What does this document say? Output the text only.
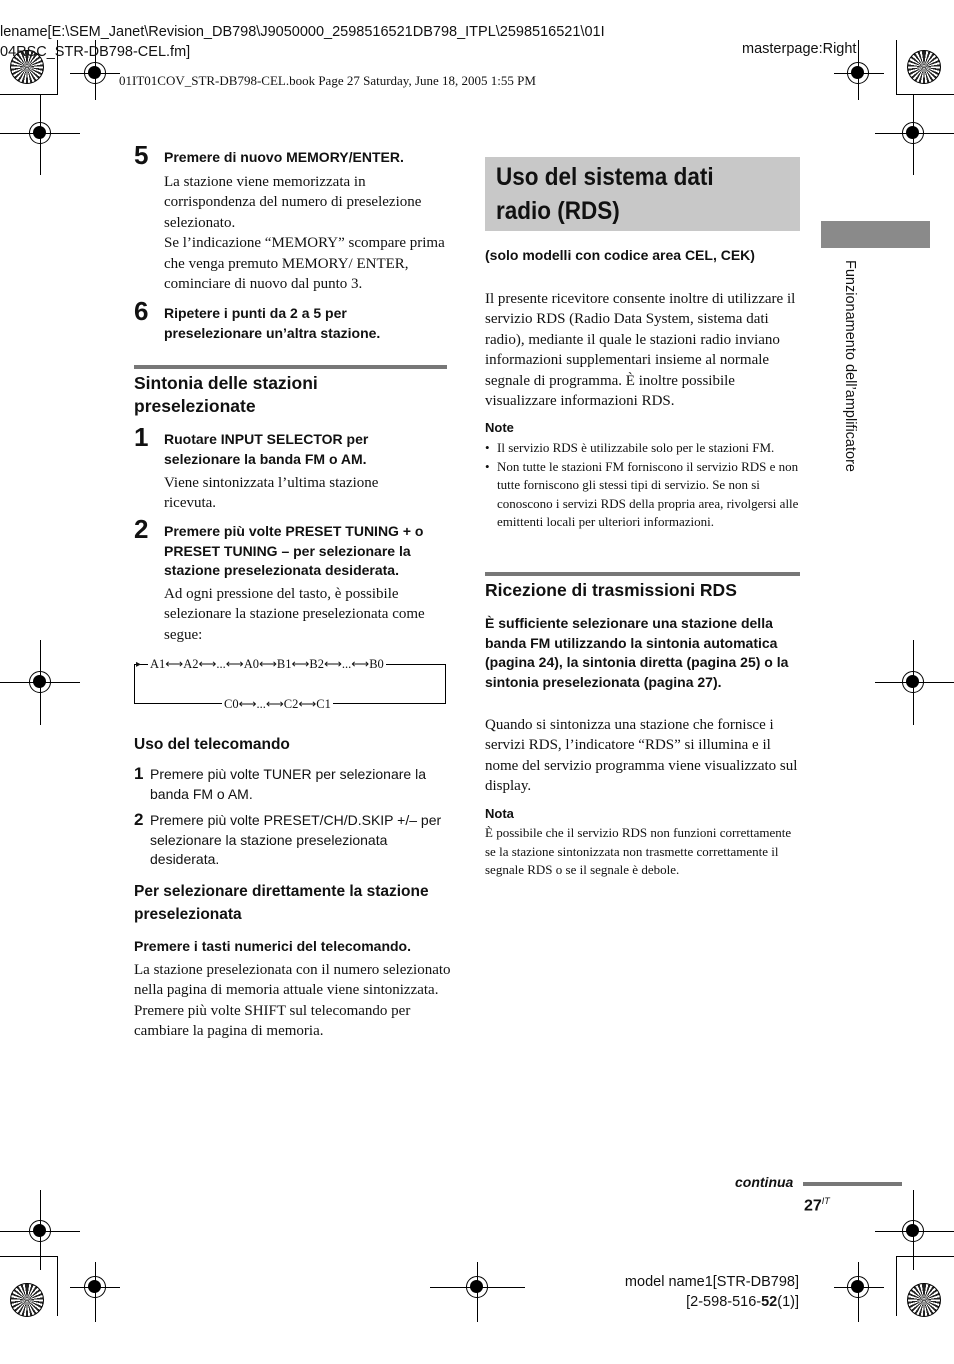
lename[E:\SEM_Janet\Revision_DB798\J9050000_2598516521DB798_ITPL\2598516521\01I
04RSC_STR-DB798-CEL.fm]	masterpage:Right
01IT01COV_STR-DB798-CEL.book Page 27 Saturday, June 18, 2005 1:55 PM
5 Premere di nuovo MEMORY/ENTER.
La stazione viene memorizzata in corrispondenza del numero di preselezione selezionato.
Se l’indicazione “MEMORY” scompare prima che venga premuto MEMORY/ ENTER, cominciare di nuovo dal punto 3.
6 Ripetere i punti da 2 a 5 per preselezionare un’altra stazione.
Sintonia delle stazioni preselezionate
1 Ruotare INPUT SELECTOR per selezionare la banda FM o AM.
Viene sintonizzata l’ultima stazione ricevuta.
2 Premere più volte PRESET TUNING + o PRESET TUNING – per selezionare la stazione preselezionata desiderata.
Ad ogni pressione del tasto, è possibile selezionare la stazione preselezionata come segue:
A1⟷A2⟷...⟷A0⟷B1⟷B2⟷...⟷B0
C0⟷...⟷C2⟷C1
▸
Uso del telecomando
1 Premere più volte TUNER per selezionare la banda FM o AM.
2 Premere più volte PRESET/CH/D.SKIP +/– per selezionare la stazione preselezionata desiderata.
Per selezionare direttamente la stazione preselezionata
Premere i tasti numerici del telecomando.
La stazione preselezionata con il numero selezionato nella pagina di memoria attuale viene sintonizzata. Premere più volte SHIFT sul telecomando per cambiare la pagina di memoria.
Uso del sistema dati radio (RDS)
(solo modelli con codice area CEL, CEK)
Il presente ricevitore consente inoltre di utilizzare il servizio RDS (Radio Data System, sistema dati radio), mediante il quale le stazioni radio inviano informazioni supplementari insieme al normale segnale di programma. È inoltre possibile visualizzare informazioni RDS.
Note
• Il servizio RDS è utilizzabile solo per le stazioni FM.
• Non tutte le stazioni FM forniscono il servizio RDS e non tutte forniscono gli stessi tipi di servizio. Se non si conoscono i servizi RDS della propria area, rivolgersi alle emittenti locali per ulteriori informazioni.
Ricezione di trasmissioni RDS
È sufficiente selezionare una stazione della banda FM utilizzando la sintonia automatica (pagina 24), la sintonia diretta (pagina 25) o la sintonia preselezionata (pagina 27).
Quando si sintonizza una stazione che fornisce i servizi RDS, l’indicatore “RDS” si illumina e il nome del servizio programma viene visualizzato sul display.
Nota
È possibile che il servizio RDS non funzioni correttamente se la stazione sintonizzata non trasmette correttamente il segnale RDS o se il segnale è debole.
Funzionamento dell’amplificatore
continua
$27^{IT}$
model name1[STR-DB798]
[2-598-516-52(1)]
